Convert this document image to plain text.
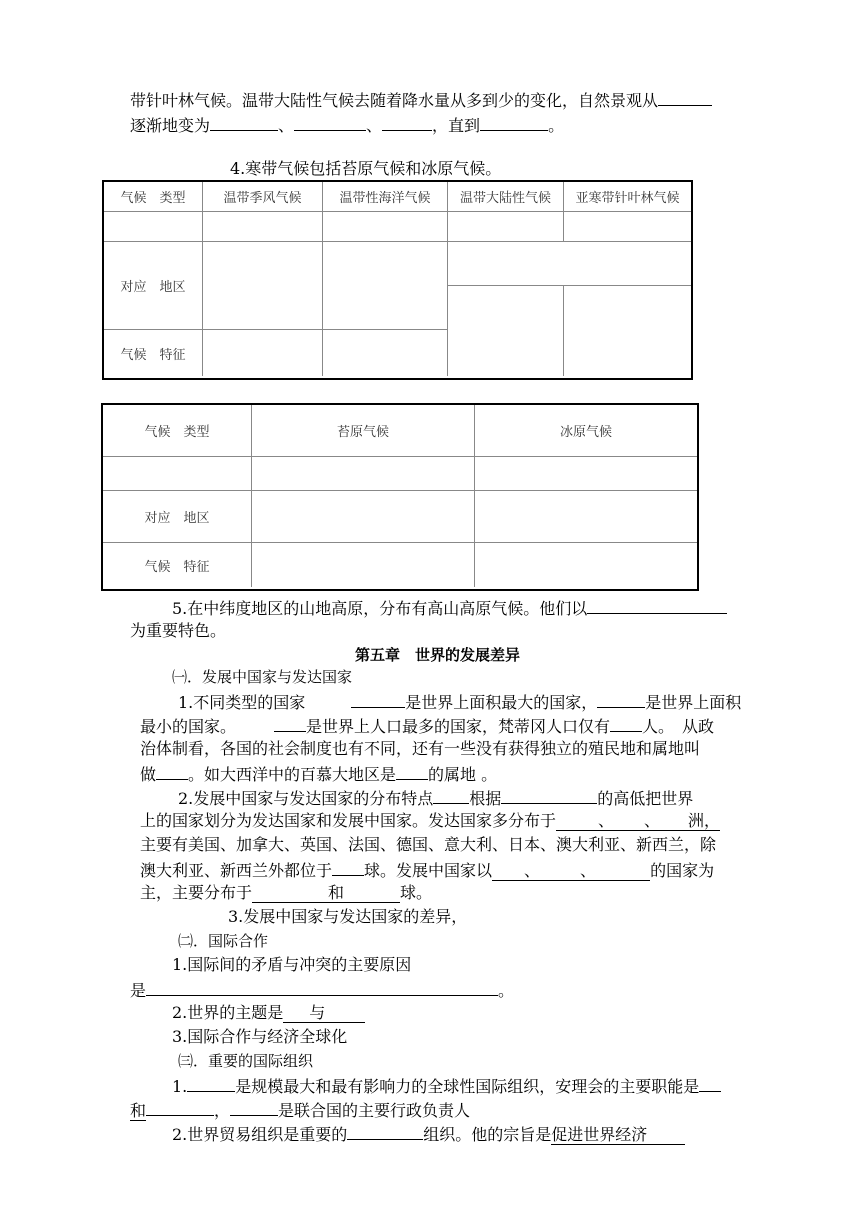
带针叶林气候。温带大陆性气候去随着降水量从多到少的变化，自然景观从
逐渐地变为	、	、	，直到	。
4.寒带气候包括苔原气候和冰原气候。
气候　类型	温带季风气候	温带性海洋气候	温带大陆性气候	亚寒带针叶林气候
对应　地区
气候　特征
气候　类型	苔原气候	冰原气候
对应　地区
气候　特征
5.在中纬度地区的山地高原，分布有高山高原气候。他们以
为重要特色。
第五章　世界的发展差异
㈠．发展中国家与发达国家
1.不同类型的国家	是世界上面积最大的国家，	是世界上面积
最小的国家。	是世界上人口最多的国家，梵蒂冈人口仅有 人。　从政
治体制看，各国的社会制度也有不同，还有一些没有获得独立的殖民地和属地叫
做 。如大西洋中的百慕大地区是 的属地 。
2.发展中国家与发达国家的分布特点 根据	的高低把世界
上的国家划分为发达国家和发展中国家。发达国家多分布于	、 、 洲，
主要有美国、加拿大、英国、法国、德国、意大利、日本、澳大利亚、新西兰，除
澳大利亚、新西兰外都位于 球。发展中国家以 、	、	的国家为
主，主要分布于	和	球。
3.发展中国家与发达国家的差异，
㈡．国际合作
1.国际间的矛盾与冲突的主要原因
是	。
2.世界的主题是 与
3.国际合作与经济全球化
㈢．重要的国际组织
1.	是规模最大和最有影响力的全球性国际组织，安理会的主要职能是
和	，	是联合国的主要行政负责人
2.世界贸易组织是重要的	组织。他的宗旨是促进世界经济
